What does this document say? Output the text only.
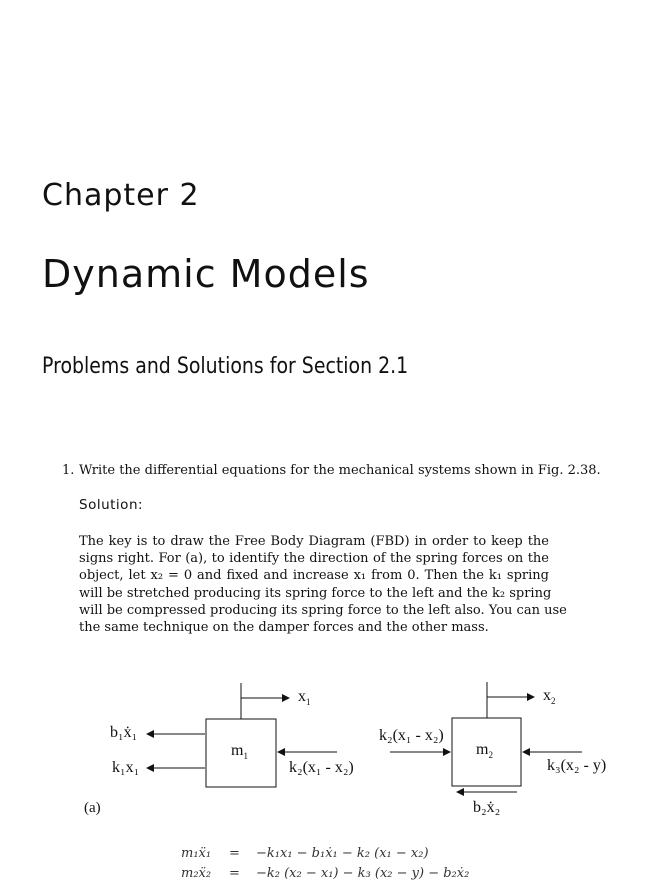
Chapter 2
Dynamic Models
Problems and Solutions for Section 2.1
1. Write the differential equations for the mechanical systems shown in Fig. 2.38.
Solution:
The key is to draw the Free Body Diagram (FBD) in order to keep the
signs right. For (a), to identify the direction of the spring forces on the
object, let x₂ = 0 and fixed and increase x₁ from 0. Then the k₁ spring
will be stretched producing its spring force to the left and the k₂ spring
will be compressed producing its spring force to the left also. You can use
the same technique on the damper forces and the other mass.
$x_1$	$x_2$
$m_1$	$m_2$
b₁ẋ₁
k₁x₁	k₂(x₁ - x₂)
k₂(x₁ - x₂)
k₃(x₂ - y)
b₂ẋ₂
(a)
m₁ẍ₁ = −k₁x₁ − b₁ẋ₁ − k₂ (x₁ − x₂)
m₂ẍ₂ = −k₂ (x₂ − x₁) − k₃ (x₂ − y) − b₂ẋ₂
